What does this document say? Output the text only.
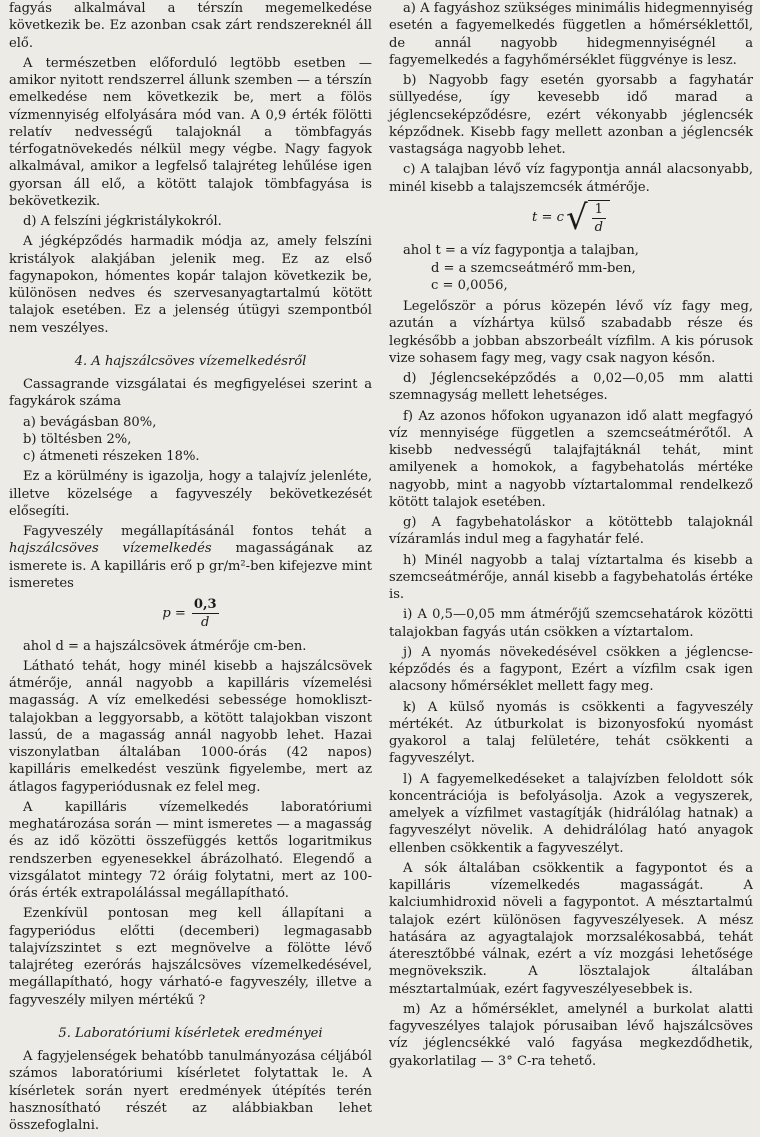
fagyás alkalmával a térszín megemelkedése következik be. Ez azonban csak zárt rendszereknél áll elő.

A természetben előforduló legtöbb esetben — amikor nyitott rendszerrel állunk szemben — a térszín emelkedése nem következik be, mert a fölös vízmennyiség elfolyására mód van. A 0,9 érték fölötti relatív nedvességű talajoknál a tömbfagyás térfogatnövekedés nélkül megy végbe. Nagy fagyok alkalmával, amikor a legfelső talajréteg lehűlése igen gyorsan áll elő, a kötött talajok tömbfagyása is bekövetkezik.

d) A felszíni jégkristálykokról.

A jégképződés harmadik módja az, amely felszíni kristályok alakjában jelenik meg. Ez az első fagynapokon, hómentes kopár talajon következik be, különösen nedves és szervesanyagtartalmú kötött talajok esetében. Ez a jelenség útügyi szempontból nem veszélyes.

4. A hajszálcsöves vízemelkedésről

Cassagrande vizsgálatai és megfigyelései szerint a fagykárok száma

a) bevágásban 80%,
b) töltésben 2%,
c) átmeneti részeken 18%.

Ez a körülmény is igazolja, hogy a talajvíz jelenléte, illetve közelsége a fagyveszély bekövetkezését elősegíti.

Fagyveszély megállapításánál fontos tehát a hajszálcsöves vízemelkedés magasságának az ismerete is. A kapilláris erő p gr/m²-ben kifejezve mint ismeretes

$p = \frac{0,3}{d}$

ahol d = a hajszálcsövek átmérője cm-ben.

Látható tehát, hogy minél kisebb a hajszálcsövek átmérője, annál nagyobb a kapilláris vízemelési magasság. A víz emelkedési sebessége homokliszt-talajokban a leggyorsabb, a kötött talajokban viszont lassú, de a magasság annál nagyobb lehet. Hazai viszonylatban általában 1000-órás (42 napos) kapilláris emelkedést veszünk figyelembe, mert az átlagos fagyperiódusnak ez felel meg.

A kapilláris vízemelkedés laboratóriumi meghatározása során — mint ismeretes — a magasság és az idő közötti összefüggés kettős logaritmikus rendszerben egyenesekkel ábrázolható. Elegendő a vizsgálatot mintegy 72 óráig folytatni, mert az 100-órás érték extrapolálással megállapítható.

Ezenkívül pontosan meg kell állapítani a fagyperiódus előtti (decemberi) legmagasabb talajvízszintet s ezt megnövelve a fölötte lévő talajréteg ezerórás hajszálcsöves vízemelkedésével, megállapítható, hogy várható-e fagyveszély, illetve a fagyveszély milyen mértékű ?

5. Laboratóriumi kísérletek eredményei

A fagyjelenségek behatóbb tanulmányozása céljából számos laboratóriumi kísérletet folytattak le. A kísérletek során nyert eredmények útépítés terén hasznosítható részét az alábbiakban lehet összefoglalni.

a) A fagyáshoz szükséges minimális hidegmennyiség esetén a fagyemelkedés független a hőmérséklettől, de annál nagyobb hidegmennyiségnél a fagyemelkedés a fagyhőmérséklet függvénye is lesz.

b) Nagyobb fagy esetén gyorsabb a fagyhatár süllyedése, így kevesebb idő marad a jéglencseképződésre, ezért vékonyabb jéglencsék képződnek. Kisebb fagy mellett azonban a jéglencsék vastagsága nagyobb lehet.

c) A talajban lévő víz fagypontja annál alacsonyabb, minél kisebb a talajszemcsék átmérője.

t = c √ $\frac{1}{d}$
ahol t = a víz fagypontja a talajban,
d = a szemcseátmérő mm-ben,
c = 0,0056,

Legelőször a pórus közepén lévő víz fagy meg, azután a vízhártya külső szabadabb része és legkésőbb a jobban abszorbeált vízfilm. A kis pórusok vize sohasem fagy meg, vagy csak nagyon későn.

d) Jéglencseképződés a 0,02—0,05 mm alatti szemnagyság mellett lehetséges.

f) Az azonos hőfokon ugyanazon idő alatt megfagyó víz mennyisége független a szemcseátmérőtől. A kisebb nedvességű talajfajtáknál tehát, mint amilyenek a homokok, a fagybehatolás mértéke nagyobb, mint a nagyobb víztartalommal rendelkező kötött talajok esetében.

g) A fagybehatoláskor a kötöttebb talajoknál vízáramlás indul meg a fagyhatár felé.

h) Minél nagyobb a talaj víztartalma és kisebb a szemcseátmérője, annál kisebb a fagybehatolás értéke is.

i) A 0,5—0,05 mm átmérőjű szemcsehatárok közötti talajokban fagyás után csökken a víztartalom.

j) A nyomás növekedésével csökken a jéglencse-képződés és a fagypont, Ezért a vízfilm csak igen alacsony hőmérséklet mellett fagy meg.

k) A külső nyomás is csökkenti a fagyveszély mértékét. Az útburkolat is bizonyosfokú nyomást gyakorol a talaj felületére, tehát csökkenti a fagyveszélyt.

l) A fagyemelkedéseket a talajvízben feloldott sók koncentrációja is befolyásolja. Azok a vegyszerek, amelyek a vízfilmet vastagítják (hidrálólag hatnak) a fagyveszélyt növelik. A dehidrálólag ható anyagok ellenben csökkentik a fagyveszélyt.

A sók általában csökkentik a fagypontot és a kapilláris vízemelkedés magasságát. A kalciumhidroxid növeli a fagypontot. A mésztartalmú talajok ezért különösen fagyveszélyesek. A mész hatására az agyagtalajok morzsalékosabbá, tehát áteresztőbbé válnak, ezért a víz mozgási lehetősége megnövekszik. A lösztalajok általában mésztartalmúak, ezért fagyveszélyesebbek is.

m) Az a hőmérséklet, amelynél a burkolat alatti fagyveszélyes talajok pórusaiban lévő hajszálcsöves víz jéglencsékké való fagyása megkezdődhetik, gyakorlatilag — 3° C-ra tehető.
